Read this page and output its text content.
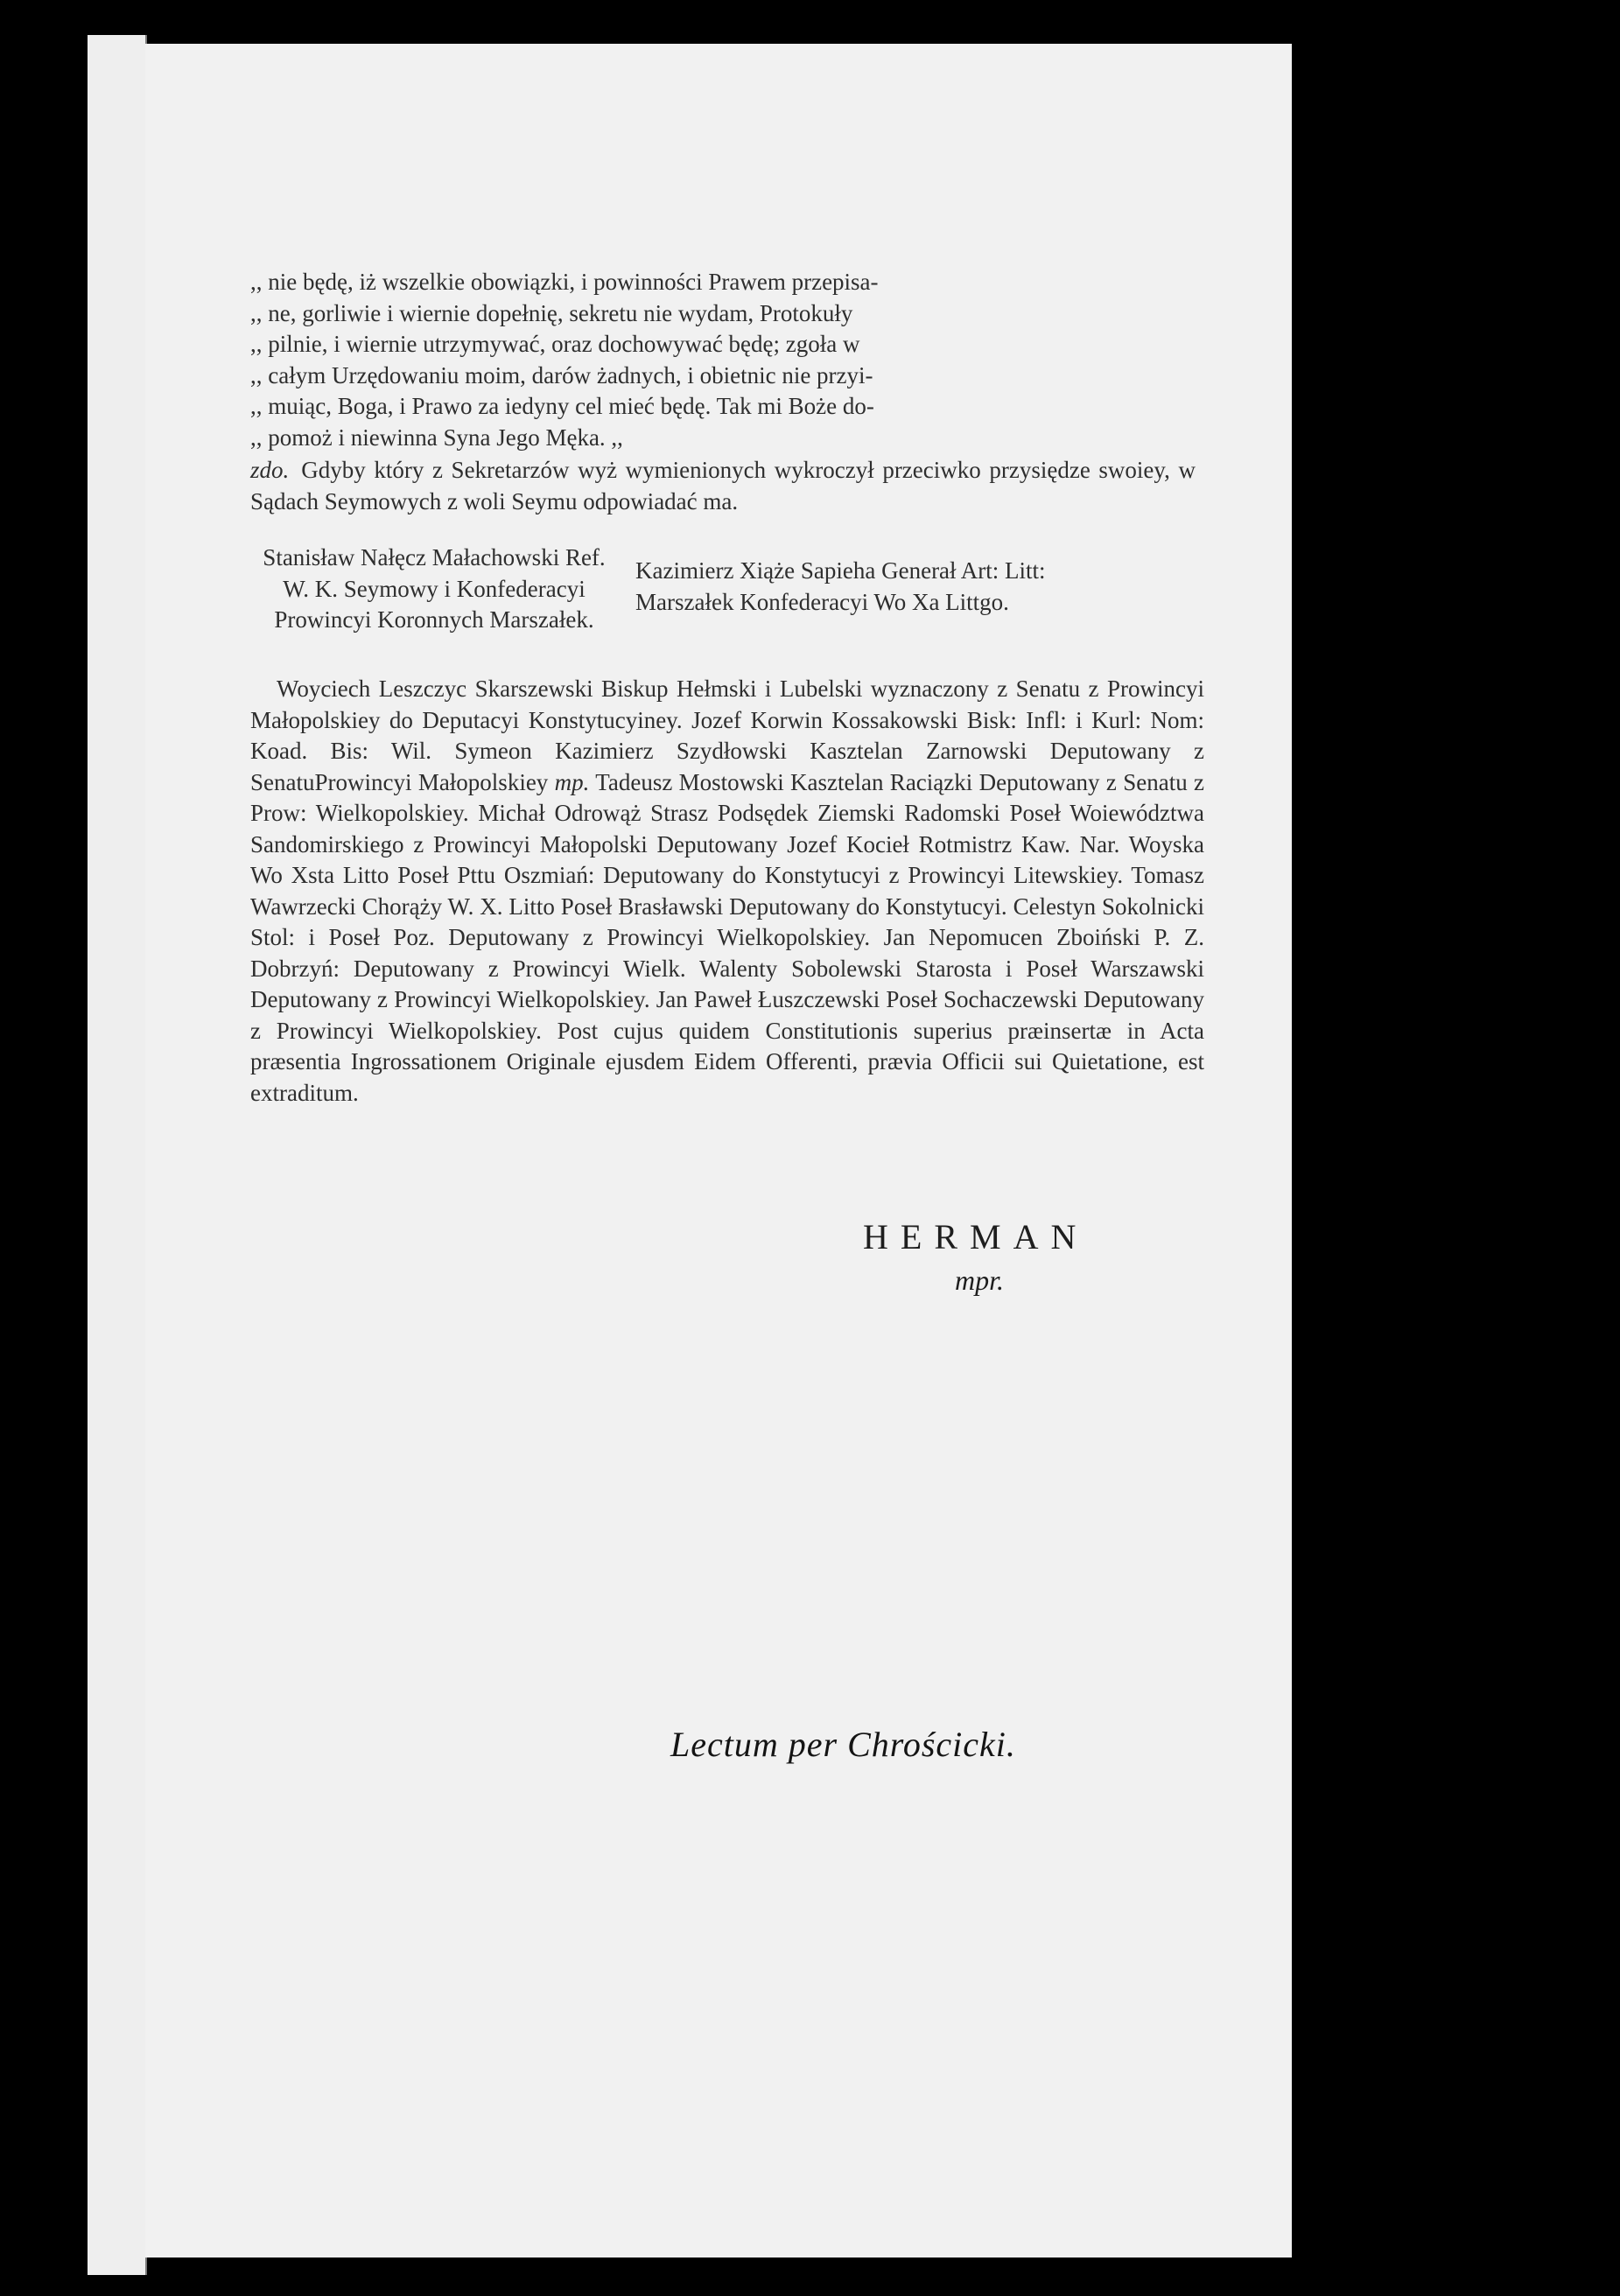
,, nie będę, iż wszelkie obowiązki, i powinności Prawem przepisa-
,, ne, gorliwie i wiernie dopełnię, sekretu nie wydam, Protokuły
,, pilnie, i wiernie utrzymywać, oraz dochowywać będę; zgoła w
,, całym Urzędowaniu moim, darów żadnych, i obietnic nie przyi-
,, muiąc, Boga, i Prawo za iedyny cel mieć będę. Tak mi Boże do-
,, pomoż i niewinna Syna Jego Męka. ,,
zdo. Gdyby który z Sekretarzów wyż wymienionych wykroczył przeciwko przysiędze swoiey, w Sądach Seymowych z woli Seymu odpowiadać ma.
Stanisław Nałęcz Małachowski Ref. W. K. Seymowy i Konfederacyi Prowincyi Koronnych Marszałek.
Kazimierz Xiąże Sapieha Generał Art: Litt: Marszałek Konfederacyi Wo Xa Littgo.
Woyciech Leszczyc Skarszewski Biskup Hełmski i Lubelski wyznaczony z Senatu z Prowincyi Małopolskiey do Deputacyi Konstytucyiney. Jozef Korwin Kossakowski Bisk: Infl: i Kurl: Nom: Koad. Bis: Wil. Symeon Kazimierz Szydłowski Kasztelan Zarnowski Deputowany z SenatuProwincyi Małopolskiey mp. Tadeusz Mostowski Kasztelan Raciązki Deputowany z Senatu z Prow: Wielkopolskiey. Michał Odrowąż Strasz Podsędek Ziemski Radomski Poseł Woiewództwa Sandomirskiego z Prowincyi Małopolski Deputowany Jozef Kocieł Rotmistrz Kaw. Nar. Woyska Wo Xsta Litto Poseł Pttu Oszmiań: Deputowany do Konstytucyi z Prowincyi Litewskiey. Tomasz Wawrzecki Chorąży W. X. Litto Poseł Brasławski Deputowany do Konstytucyi. Celestyn Sokolnicki Stol: i Poseł Poz. Deputowany z Prowincyi Wielkopolskiey. Jan Nepomucen Zboiński P. Z. Dobrzyń: Deputowany z Prowincyi Wielk. Walenty Sobolewski Starosta i Poseł Warszawski Deputowany z Prowincyi Wielkopolskiey. Jan Paweł Łuszczewski Poseł Sochaczewski Deputowany z Prowincyi Wielkopolskiey. Post cujus quidem Constitutionis superius præinsertæ in Acta præsentia Ingrossationem Originale ejusdem Eidem Offerenti, prævia Officii sui Quietatione, est extraditum.
HERMAN
mpr.
Lectum per Chrościcki.
